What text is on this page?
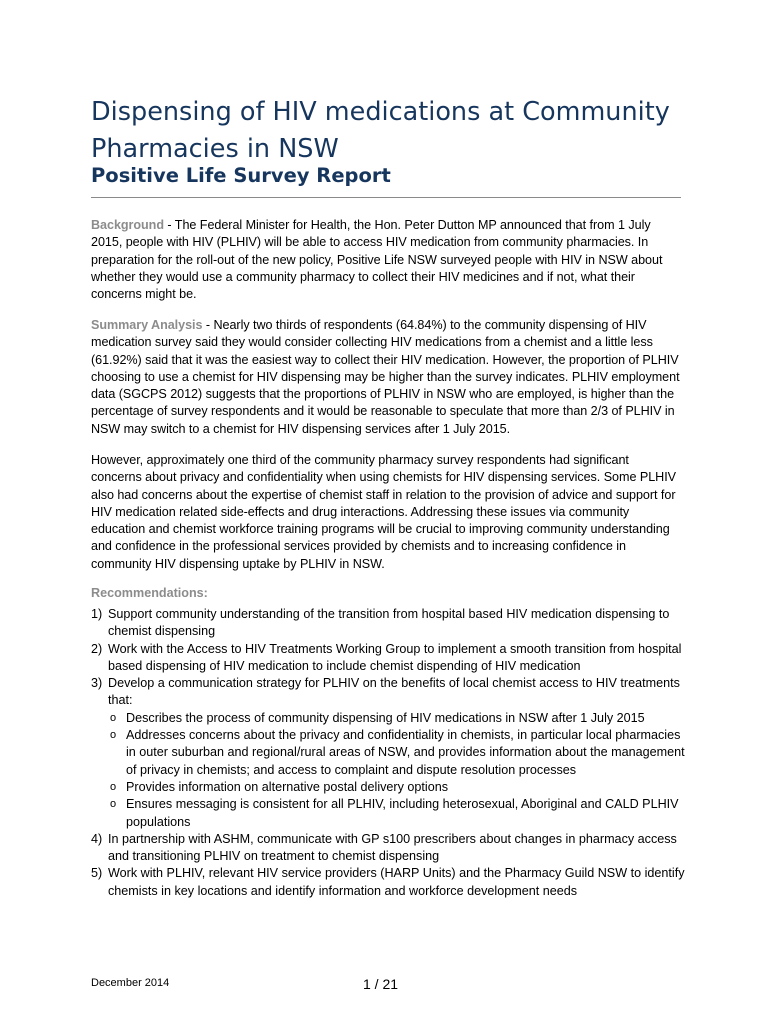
Dispensing of HIV medications at Community Pharmacies in NSW
Positive Life Survey Report

Background - The Federal Minister for Health, the Hon. Peter Dutton MP announced that from 1 July 2015, people with HIV (PLHIV) will be able to access HIV medication from community pharmacies. In preparation for the roll-out of the new policy, Positive Life NSW surveyed people with HIV in NSW about whether they would use a community pharmacy to collect their HIV medicines and if not, what their concerns might be.

Summary Analysis - Nearly two thirds of respondents (64.84%) to the community dispensing of HIV medication survey said they would consider collecting HIV medications from a chemist and a little less (61.92%) said that it was the easiest way to collect their HIV medication. However, the proportion of PLHIV choosing to use a chemist for HIV dispensing may be higher than the survey indicates. PLHIV employment data (SGCPS 2012) suggests that the proportions of PLHIV in NSW who are employed, is higher than the percentage of survey respondents and it would be reasonable to speculate that more than 2/3 of PLHIV in NSW may switch to a chemist for HIV dispensing services after 1 July 2015.

However, approximately one third of the community pharmacy survey respondents had significant concerns about privacy and confidentiality when using chemists for HIV dispensing services. Some PLHIV also had concerns about the expertise of chemist staff in relation to the provision of advice and support for HIV medication related side-effects and drug interactions. Addressing these issues via community education and chemist workforce training programs will be crucial to improving community understanding and confidence in the professional services provided by chemists and to increasing confidence in community HIV dispensing uptake by PLHIV in NSW.

Recommendations:

1) Support community understanding of the transition from hospital based HIV medication dispensing to chemist dispensing
2) Work with the Access to HIV Treatments Working Group to implement a smooth transition from hospital based dispensing of HIV medication to include chemist dispending of HIV medication
3) Develop a communication strategy for PLHIV on the benefits of local chemist access to HIV treatments that:
o Describes the process of community dispensing of HIV medications in NSW after 1 July 2015
o Addresses concerns about the privacy and confidentiality in chemists, in particular local pharmacies in outer suburban and regional/rural areas of NSW, and provides information about the management of privacy in chemists; and access to complaint and dispute resolution processes
o Provides information on alternative postal delivery options
o Ensures messaging is consistent for all PLHIV, including heterosexual, Aboriginal and CALD PLHIV populations
4) In partnership with ASHM, communicate with GP s100 prescribers about changes in pharmacy access and transitioning PLHIV on treatment to chemist dispensing
5) Work with PLHIV, relevant HIV service providers (HARP Units) and the Pharmacy Guild NSW to identify chemists in key locations and identify information and workforce development needs
December 2014	1 / 21
